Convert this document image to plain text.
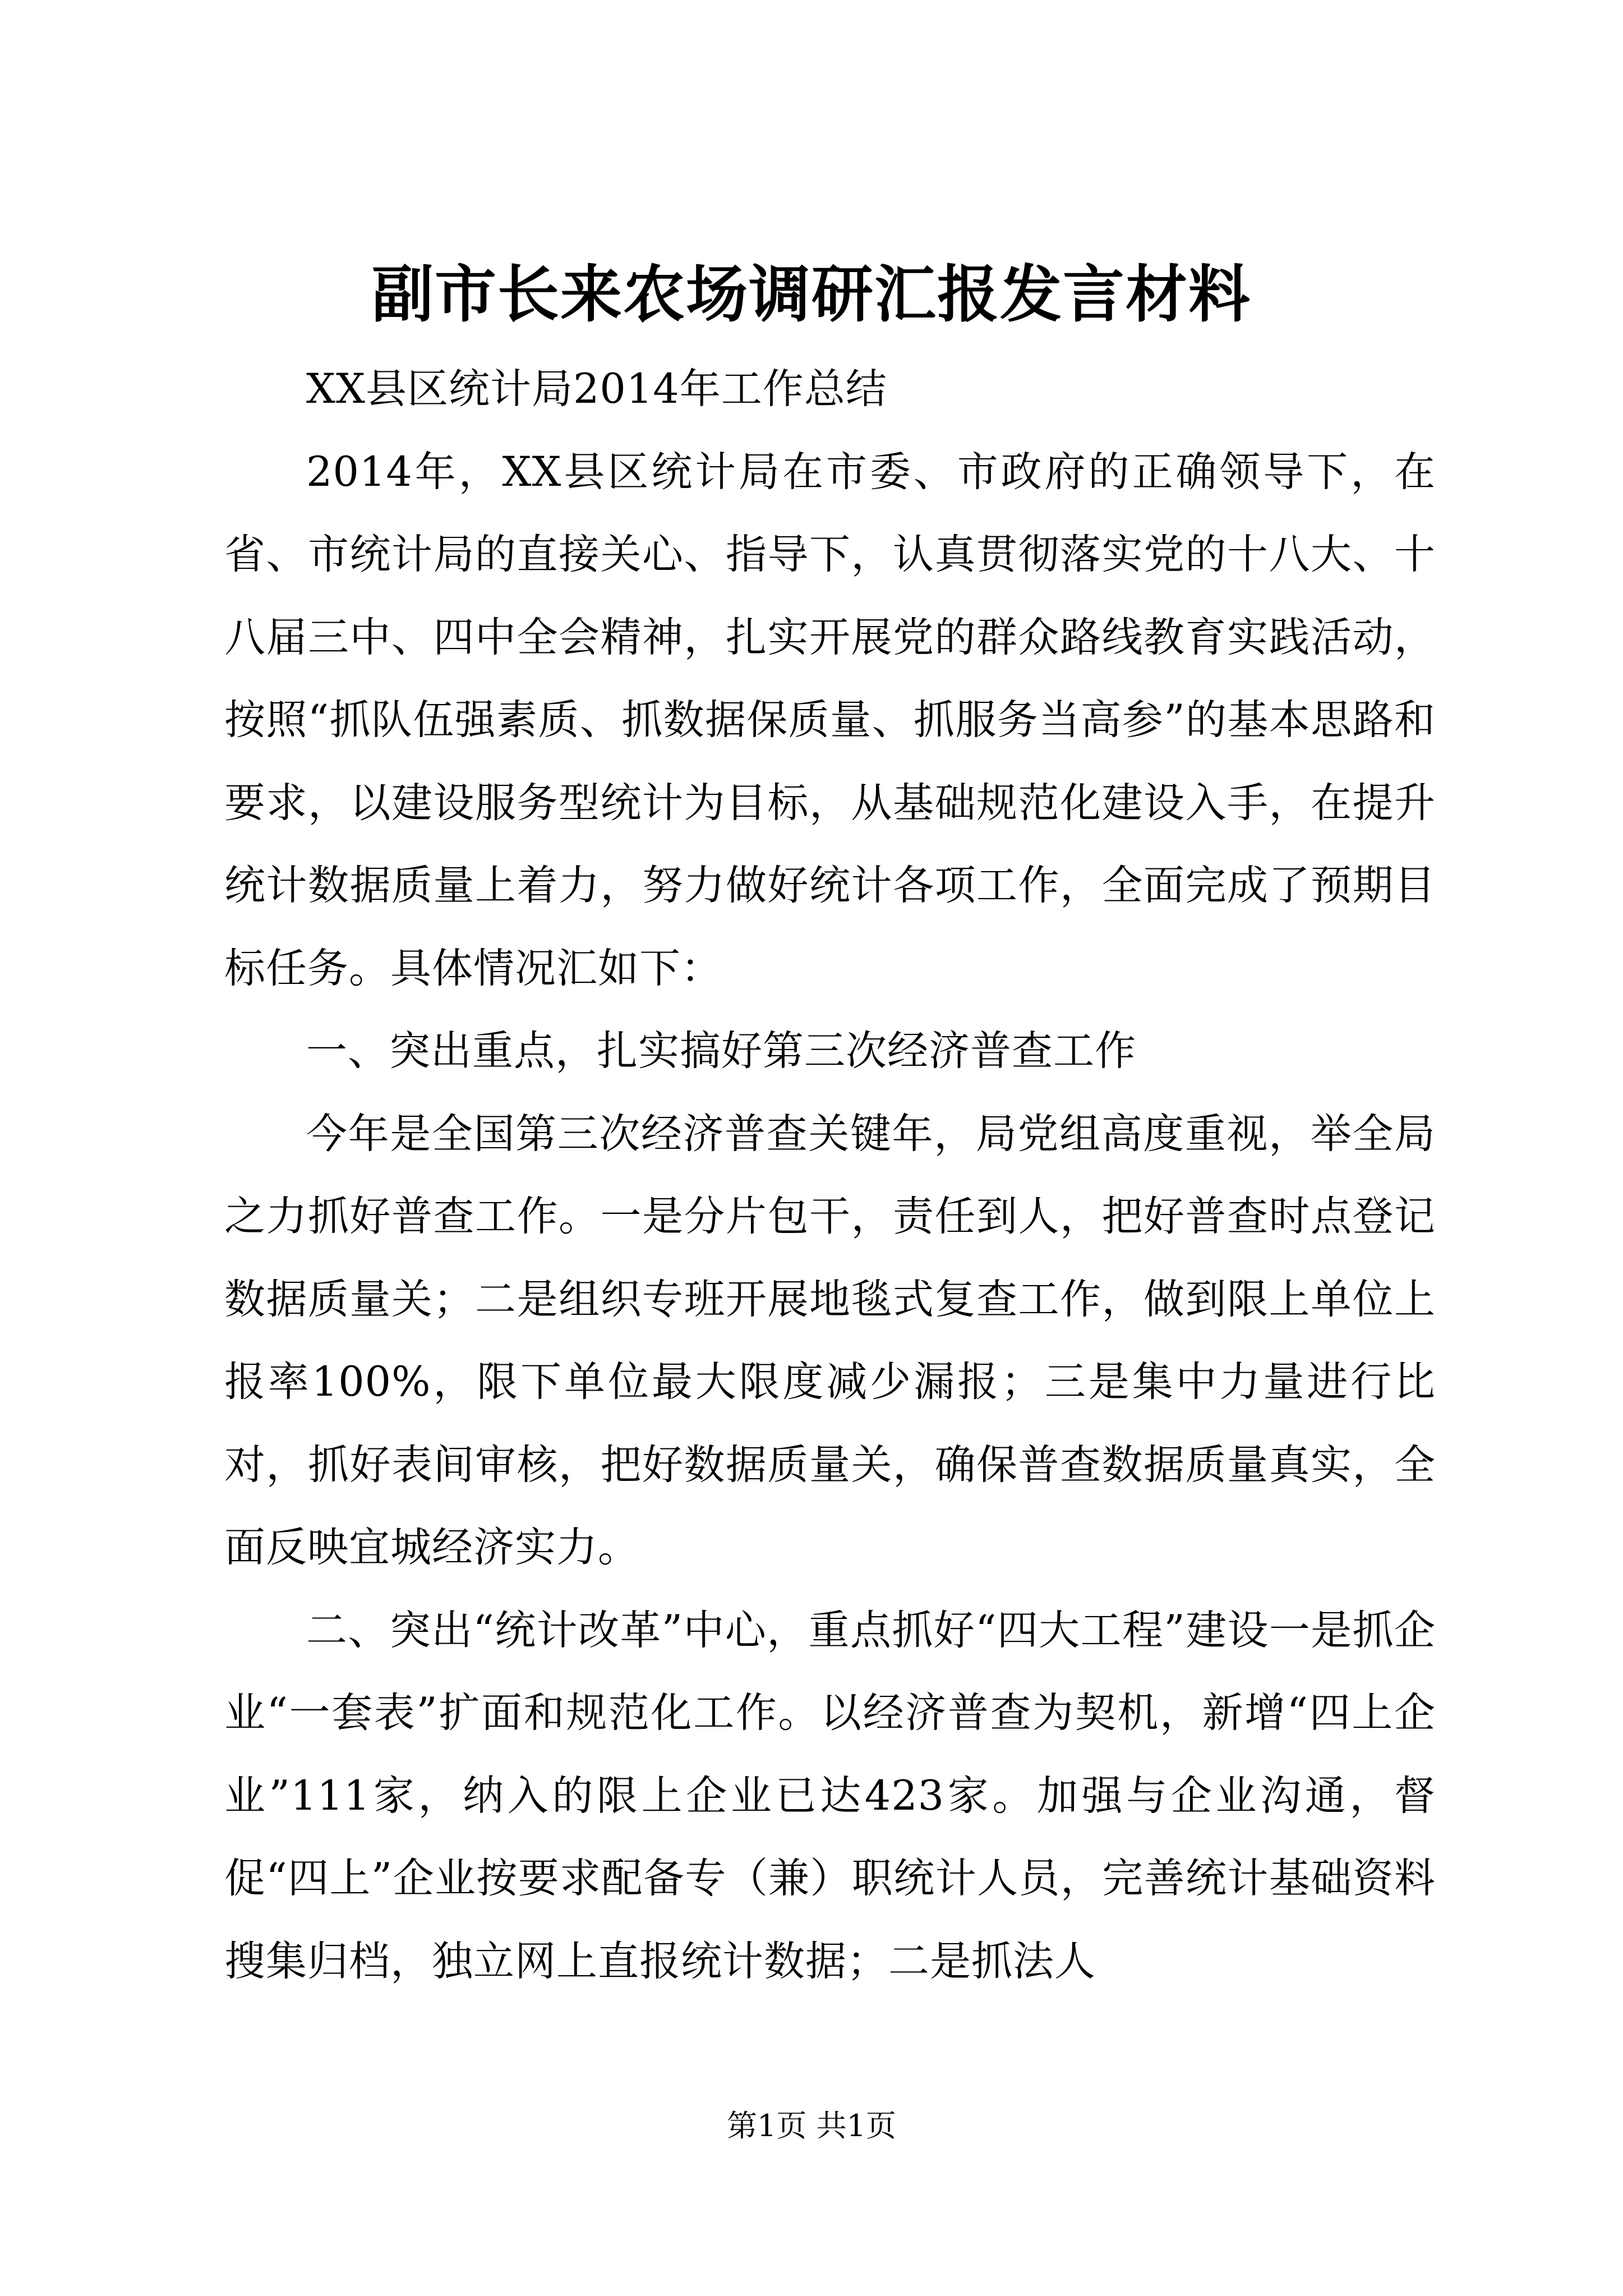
副市长来农场调研汇报发言材料

XX县区统计局2014年工作总结

2014年，XX县区统计局在市委、市政府的正确领导下，在省、市统计局的直接关心、指导下，认真贯彻落实党的十八大、十八届三中、四中全会精神，扎实开展党的群众路线教育实践活动，按照“抓队伍强素质、抓数据保质量、抓服务当高参”的基本思路和要求，以建设服务型统计为目标，从基础规范化建设入手，在提升统计数据质量上着力，努力做好统计各项工作，全面完成了预期目标任务。具体情况汇如下：

一、突出重点，扎实搞好第三次经济普查工作

今年是全国第三次经济普查关键年，局党组高度重视，举全局之力抓好普查工作。一是分片包干，责任到人，把好普查时点登记数据质量关；二是组织专班开展地毯式复查工作，做到限上单位上报率100%，限下单位最大限度减少漏报；三是集中力量进行比对，抓好表间审核，把好数据质量关，确保普查数据质量真实，全面反映宜城经济实力。

二、突出“统计改革”中心，重点抓好“四大工程”建设一是抓企业“一套表”扩面和规范化工作。以经济普查为契机，新增“四上企业”111家，纳入的限上企业已达423家。加强与企业沟通，督促“四上”企业按要求配备专（兼）职统计人员，完善统计基础资料搜集归档，独立网上直报统计数据；二是抓法人

第1页 共1页
